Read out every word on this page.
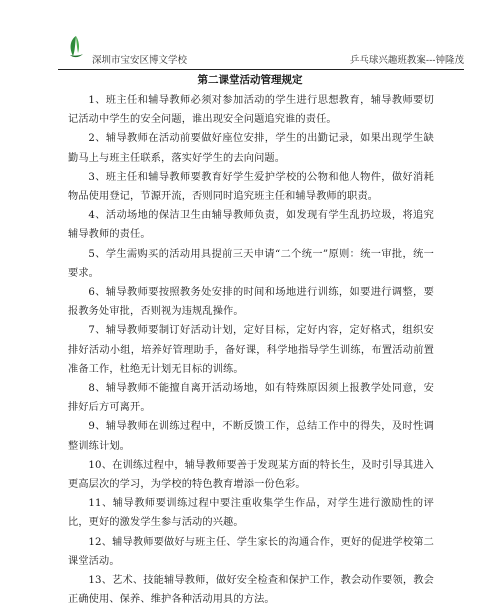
深圳市宝安区博文学校	乒乓球兴趣班教案---钟隆茂
第二课堂活动管理规定

1、班主任和辅导教师必须对参加活动的学生进行思想教育，辅导教师要切记活动中学生的安全问题，谁出现安全问题追究谁的责任。

2、辅导教师在活动前要做好座位安排，学生的出勤记录，如果出现学生缺勤马上与班主任联系，落实好学生的去向问题。

3、班主任和辅导教师要教育好学生爱护学校的公物和他人物件，做好消耗物品使用登记，节源开流，否则同时追究班主任和辅导教师的职责。

4、活动场地的保洁卫生由辅导教师负责，如发现有学生乱扔垃圾，将追究辅导教师的责任。

5、学生需购买的活动用具提前三天申请“二个统一”原则：统一审批，统一要求。

6、辅导教师要按照教务处安排的时间和场地进行训练，如要进行调整，要报教务处审批，否则视为违规乱操作。

7、辅导教师要制订好活动计划，定好目标，定好内容，定好格式，组织安排好活动小组，培养好管理助手，备好课，科学地指导学生训练，布置活动前置准备工作，杜绝无计划无目标的训练。

8、辅导教师不能擅自离开活动场地，如有特殊原因须上报教学处同意，安排好后方可离开。

9、辅导教师在训练过程中，不断反馈工作，总结工作中的得失，及时性调整训练计划。

10、在训练过程中，辅导教师要善于发现某方面的特长生，及时引导其进入更高层次的学习，为学校的特色教育增添一份色彩。

11、辅导教师要训练过程中要注重收集学生作品，对学生进行激励性的评比，更好的激发学生参与活动的兴趣。

12、辅导教师要做好与班主任、学生家长的沟通合作，更好的促进学校第二课堂活动。

13、艺术、技能辅导教师，做好安全检查和保护工作，教会动作要领，教会正确使用、保养、维护各种活动用具的方法。
